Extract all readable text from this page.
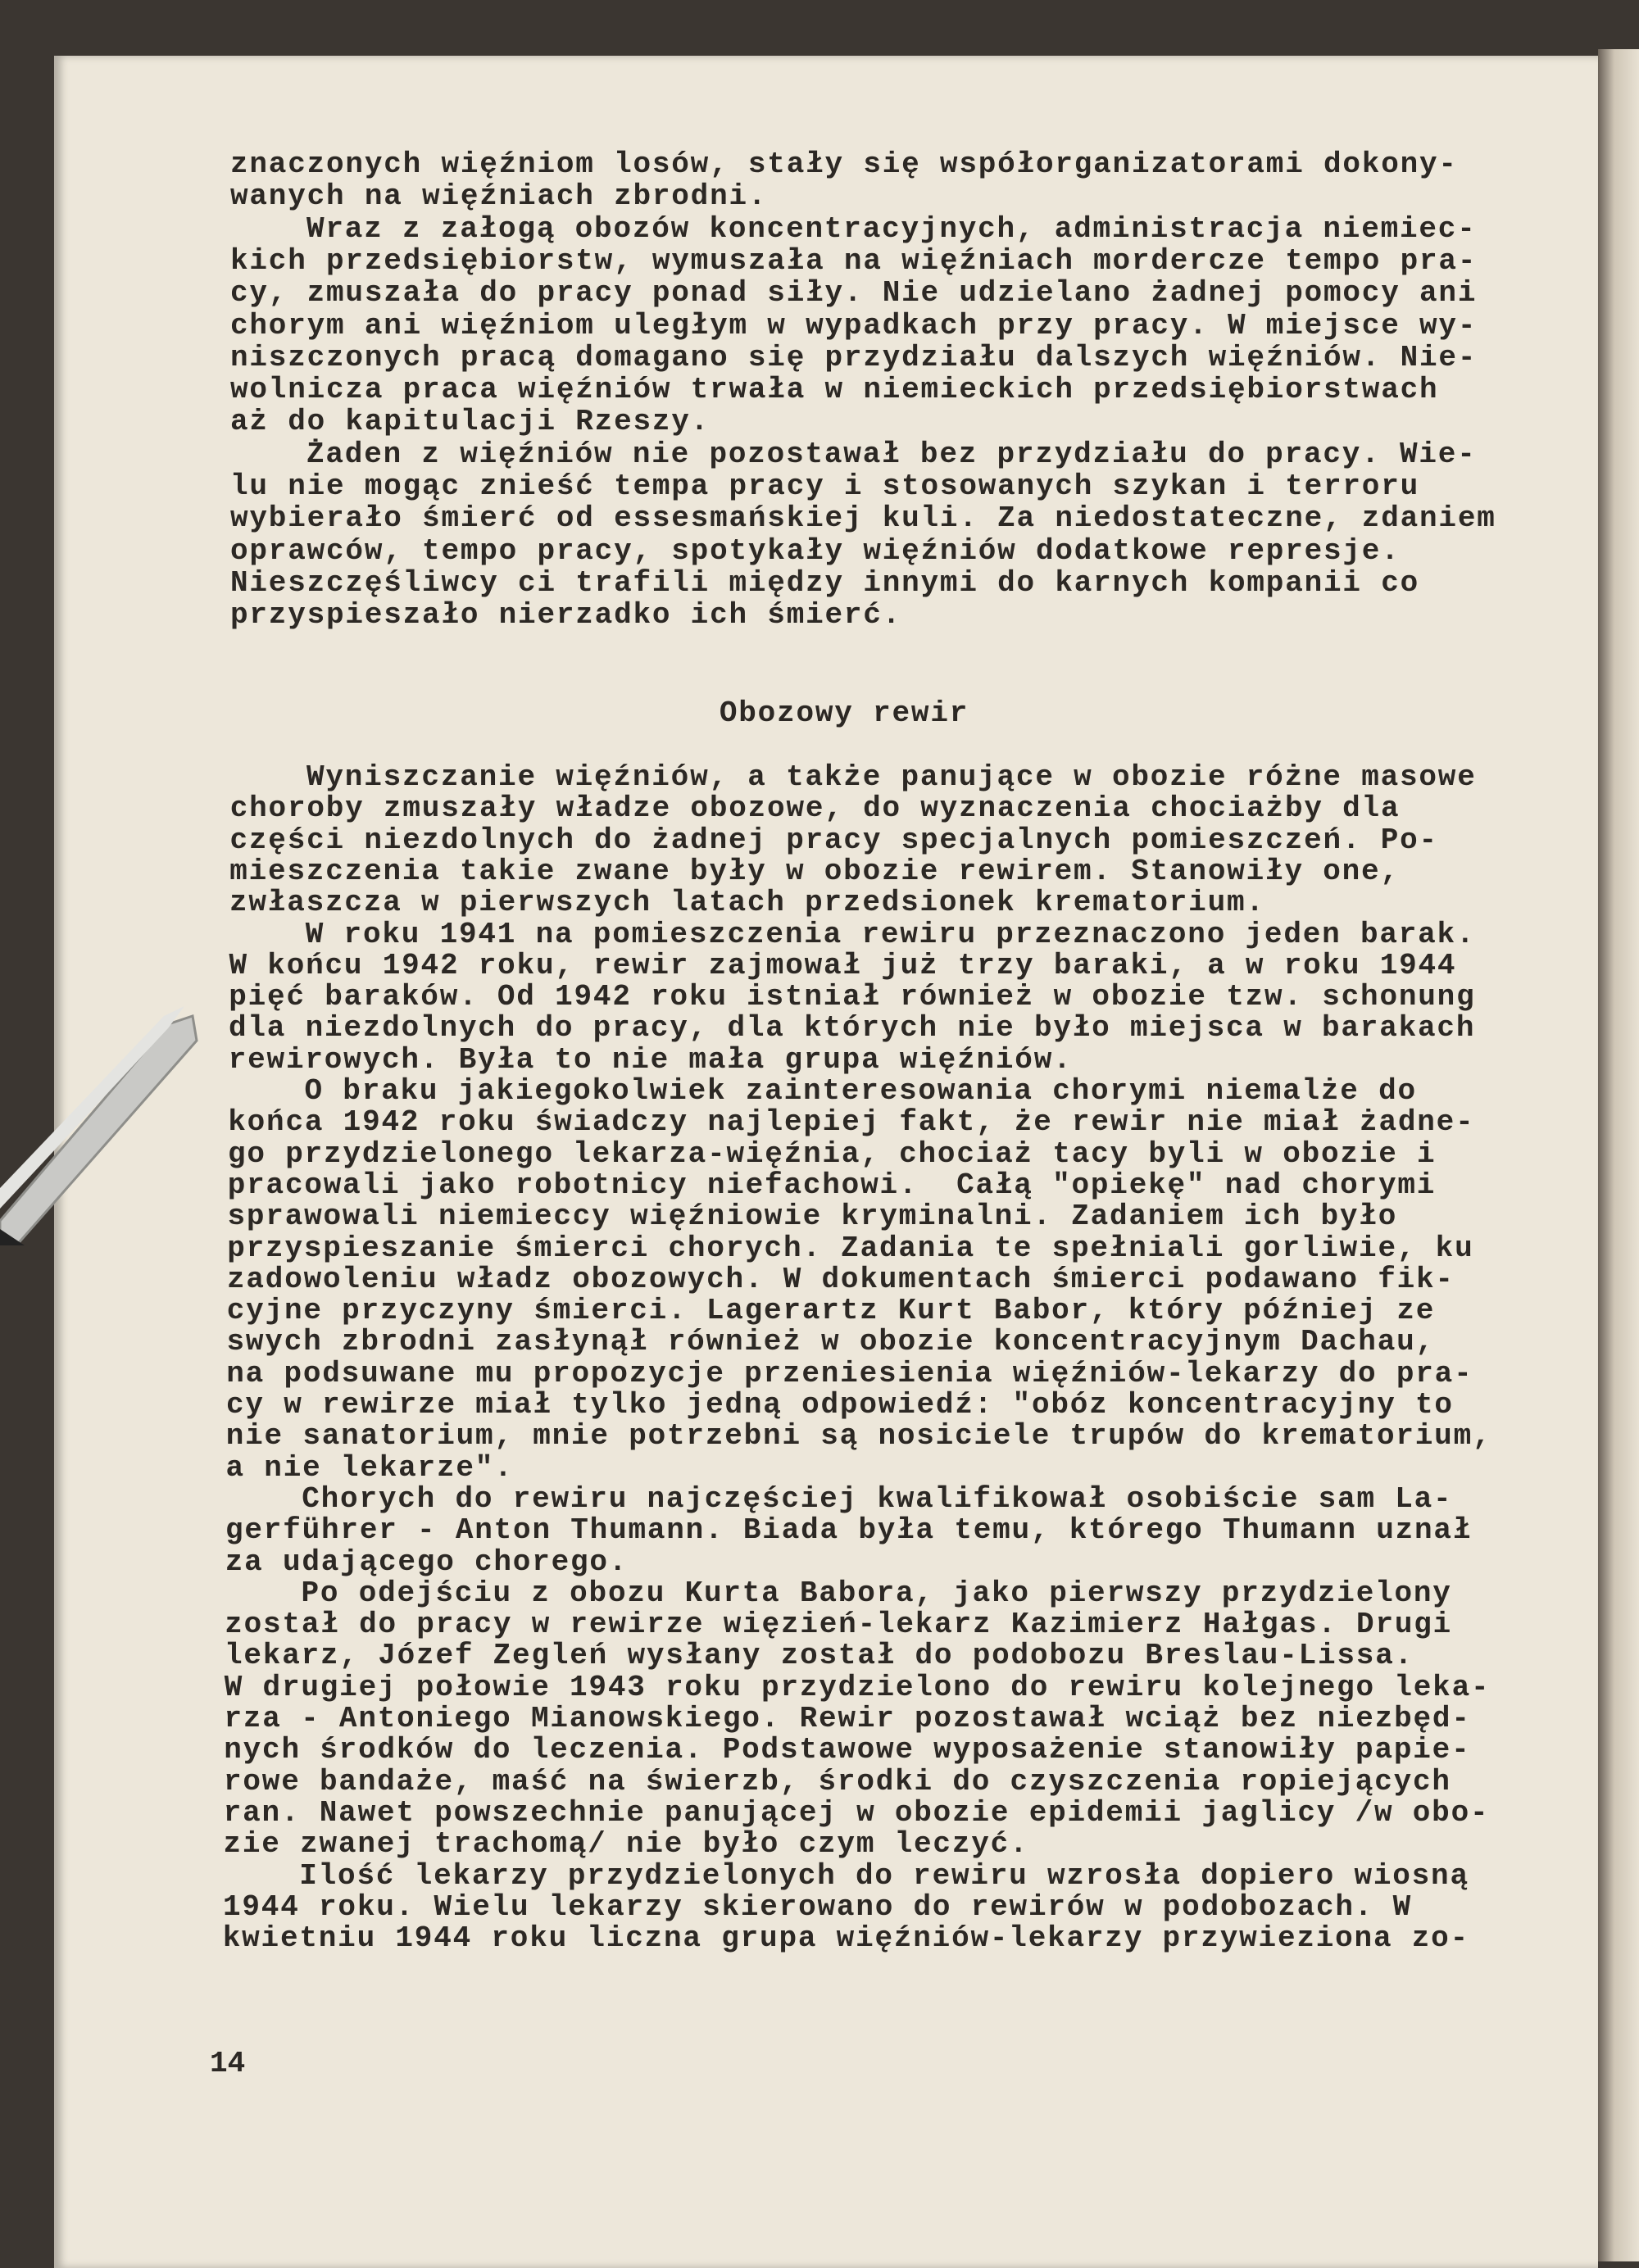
znaczonych więźniom losów, stały się współorganizatorami dokony-
wanych na więźniach zbrodni.
Wraz z załogą obozów koncentracyjnych, administracja niemiec-
kich przedsiębiorstw, wymuszała na więźniach mordercze tempo pra-
cy, zmuszała do pracy ponad siły. Nie udzielano żadnej pomocy ani
chorym ani więźniom uległym w wypadkach przy pracy. W miejsce wy-
niszczonych pracą domagano się przydziału dalszych więźniów. Nie-
wolnicza praca więźniów trwała w niemieckich przedsiębiorstwach
aż do kapitulacji Rzeszy.
Żaden z więźniów nie pozostawał bez przydziału do pracy. Wie-
lu nie mogąc znieść tempa pracy i stosowanych szykan i terroru
wybierało śmierć od essesmańskiej kuli. Za niedostateczne, zdaniem
oprawców, tempo pracy, spotykały więźniów dodatkowe represje.
Nieszczęśliwcy ci trafili między innymi do karnych kompanii co
przyspieszało nierzadko ich śmierć.
Wyniszczanie więźniów, a także panujące w obozie różne masowe
choroby zmuszały władze obozowe, do wyznaczenia chociażby dla
części niezdolnych do żadnej pracy specjalnych pomieszczeń. Po-
mieszczenia takie zwane były w obozie rewirem. Stanowiły one,
zwłaszcza w pierwszych latach przedsionek krematorium.
W roku 1941 na pomieszczenia rewiru przeznaczono jeden barak.
W końcu 1942 roku, rewir zajmował już trzy baraki, a w roku 1944
pięć baraków. Od 1942 roku istniał również w obozie tzw. schonung
dla niezdolnych do pracy, dla których nie było miejsca w barakach
rewirowych. Była to nie mała grupa więźniów.
O braku jakiegokolwiek zainteresowania chorymi niemalże do
końca 1942 roku świadczy najlepiej fakt, że rewir nie miał żadne-
go przydzielonego lekarza-więźnia, chociaż tacy byli w obozie i
pracowali jako robotnicy niefachowi.  Całą "opiekę" nad chorymi
sprawowali niemieccy więźniowie kryminalni. Zadaniem ich było
przyspieszanie śmierci chorych. Zadania te spełniali gorliwie, ku
zadowoleniu władz obozowych. W dokumentach śmierci podawano fik-
cyjne przyczyny śmierci. Lagerartz Kurt Babor, który później ze
swych zbrodni zasłynął również w obozie koncentracyjnym Dachau,
na podsuwane mu propozycje przeniesienia więźniów-lekarzy do pra-
cy w rewirze miał tylko jedną odpowiedź: "obóz koncentracyjny to
nie sanatorium, mnie potrzebni są nosiciele trupów do krematorium,
a nie lekarze".
Chorych do rewiru najczęściej kwalifikował osobiście sam La-
gerführer - Anton Thumann. Biada była temu, którego Thumann uznał
za udającego chorego.
Po odejściu z obozu Kurta Babora, jako pierwszy przydzielony
został do pracy w rewirze więzień-lekarz Kazimierz Hałgas. Drugi
lekarz, Józef Zegleń wysłany został do podobozu Breslau-Lissa.
W drugiej połowie 1943 roku przydzielono do rewiru kolejnego leka-
rza - Antoniego Mianowskiego. Rewir pozostawał wciąż bez niezbęd-
nych środków do leczenia. Podstawowe wyposażenie stanowiły papie-
rowe bandaże, maść na świerzb, środki do czyszczenia ropiejących
ran. Nawet powszechnie panującej w obozie epidemii jaglicy /w obo-
zie zwanej trachomą/ nie było czym leczyć.
Ilość lekarzy przydzielonych do rewiru wzrosła dopiero wiosną
1944 roku. Wielu lekarzy skierowano do rewirów w podobozach. W
kwietniu 1944 roku liczna grupa więźniów-lekarzy przywieziona zo-
Obozowy rewir
14
